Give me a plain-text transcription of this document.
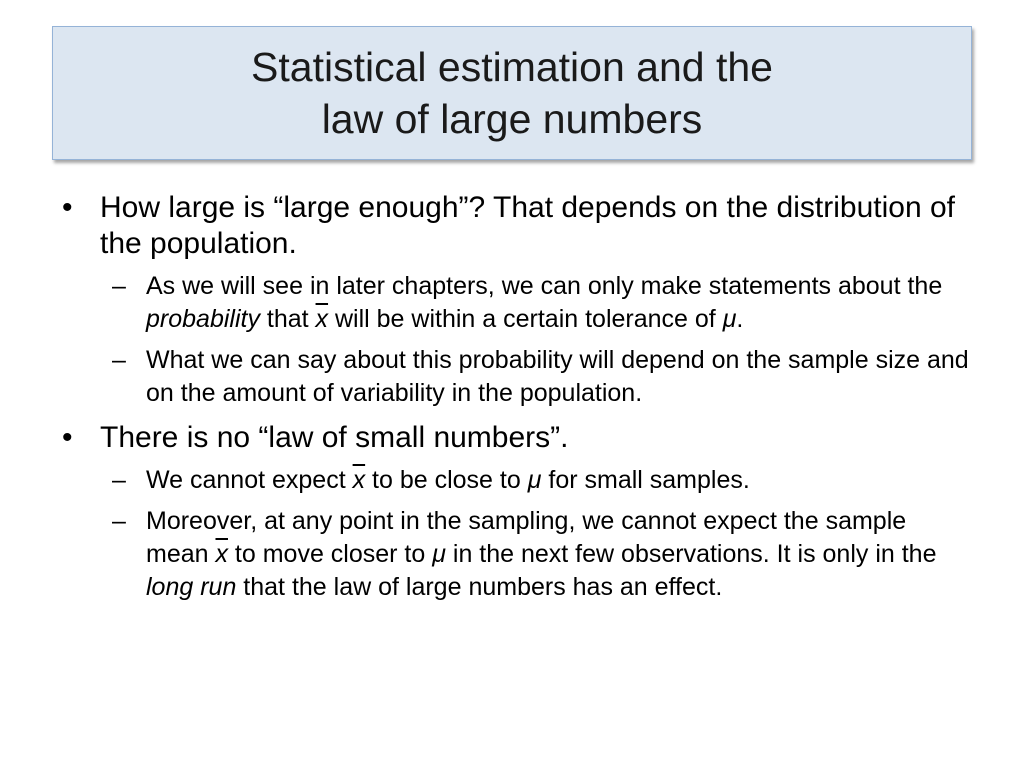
Statistical estimation and the
law of large numbers
• How large is “large enough”? That depends on the distribution of the population.
– As we will see in later chapters, we can only make statements about the probability that $\overline{x}$ will be within a certain tolerance of μ.
– What we can say about this probability will depend on the sample size and on the amount of variability in the population.
• There is no “law of small numbers”.
– We cannot expect $\overline{x}$ to be close to μ for small samples.
– Moreover, at any point in the sampling, we cannot expect the sample mean $\overline{x}$ to move closer to μ in the next few observations. It is only in the long run that the law of large numbers has an effect.
